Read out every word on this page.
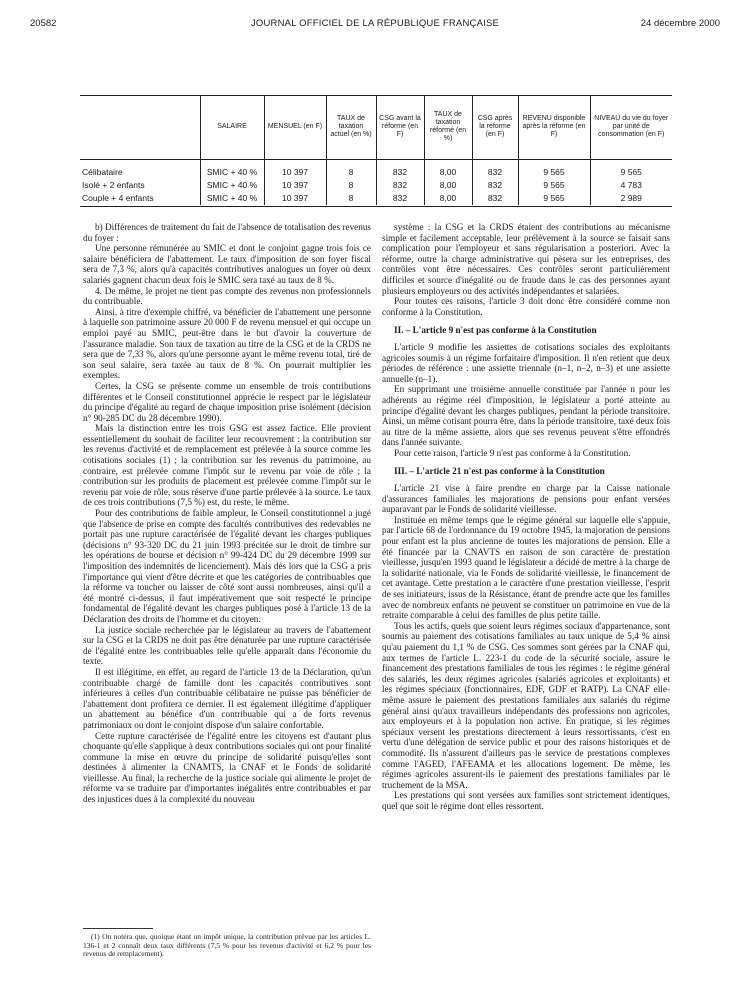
20582	JOURNAL OFFICIEL DE LA RÉPUBLIQUE FRANÇAISE	24 décembre 2000
	SALAIRE	MENSUEL (en F)	TAUX de taxation actuel (en %)	CSG avant la réforme (en F)	TAUX de taxation réformé (en %)	CSG après la réforme (en F)	REVENU disponible après la réforme (en F)	NIVEAU du vie du foyer par unité de consommation (en F)
Célibataire	SMIC + 40 %	10 397	8	832	8,00	832	9 565	9 565
Isolé + 2 enfants	SMIC + 40 %	10 397	8	832	8,00	832	9 565	4 783
Couple + 4 enfants	SMIC + 40 %	10 397	8	832	8,00	832	9 565	2 989

b) Différences de traitement du fait de l'absence de totalisation des revenus du foyer :

Une personne rémunérée au SMIC et dont le conjoint gagne trois fois ce salaire bénéficiera de l'abattement. Le taux d'imposition de son foyer fiscal sera de 7,3 %, alors qu'à capacités contributives analogues un foyer où deux salariés gagnent chacun deux fois le SMIC sera taxé au taux de 8 %.

4. De même, le projet ne tient pas compte des revenus non professionnels du contribuable.

Ainsi, à titre d'exemple chiffré, va bénéficier de l'abattement une personne à laquelle son patrimoine assure 20 000 F de revenu mensuel et qui occupe un emploi payé au SMIC, peut-être dans le but d'avoir la couverture de l'assurance maladie. Son taux de taxation au titre de la CSG et de la CRDS ne sera que de 7,33 %, alors qu'une personne ayant le même revenu total, tiré de son seul salaire, sera taxée au taux de 8 %. On pourrait multiplier les exemples.

Certes, la CSG se présente comme un ensemble de trois contributions différentes et le Conseil constitutionnel apprécie le respect par le législateur du principe d'égalité au regard de chaque imposition prise isolément (décision n° 90-285 DC du 28 décembre 1990).

Mais la distinction entre les trois GSG est assez factice. Elle provient essentiellement du souhait de faciliter leur recouvrement : la contribution sur les revenus d'activité et de remplacement est prélevée à la source comme les cotisations sociales (1) ; la contribution sur les revenus du patrimoine, au contraire, est prélevée comme l'impôt sur le revenu par voie de rôle ; la contribution sur les produits de placement est prélevée comme l'impôt sur le revenu par voie de rôle, sous réserve d'une partie prélevée à la source. Le taux de ces trois contributions (7,5 %) est, du reste, le même.

Pour des contributions de faible ampleur, le Conseil constitutionnel a jugé que l'absence de prise en compte des facultés contributives des redevables ne portait pas une rupture caractérisée de l'égalité devant les charges publiques (décisions n° 93-320 DC du 21 juin 1993 précitée sur le droit de timbre sur les opérations de bourse et décision n° 99-424 DC du 29 décembre 1999 sur l'imposition des indemnités de licenciement). Mais dès lors que la CSG a pris l'importance qui vient d'être décrite et que les catégories de contribuables que la réforme va toucher ou laisser de côté sont aussi nombreuses, ainsi qu'il a été montré ci-dessus, il faut impérativement que soit respecté le principe fondamental de l'égalité devant les charges publiques posé à l'article 13 de la Déclaration des droits de l'homme et du citoyen.

La justice sociale recherchée par le législateur au travers de l'abattement sur la CSG et la CRDS ne doit pas être dénaturée par une rupture caractérisée de l'égalité entre les contribuables telle qu'elle apparaît dans l'économie du texte.

Il est illégitime, en effet, au regard de l'article 13 de la Déclaration, qu'un contribuable chargé de famille dont les capacités contributives sont inférieures à celles d'un contribuable célibataire ne puisse pas bénéficier de l'abattement dont profitera ce dernier. Il est également illégitime d'appliquer un abattement au bénéfice d'un contribuable qui a de forts revenus patrimoniaux ou dont le conjoint dispose d'un salaire confortable.

Cette rupture caractérisée de l'égalité entre les citoyens est d'autant plus choquante qu'elle s'applique à deux contributions sociales qui ont pour finalité commune la mise en œuvre du principe de solidarité puisqu'elles sont destinées à alimenter la CNAMTS, la CNAF et le Fonds de solidarité vieillesse. Au final, la recherche de la justice sociale qui alimente le projet de réforme va se traduire par d'importantes inégalités entre contribuables et par des injustices dues à la complexité du nouveau

(1) On notera que, quoique étant un impôt unique, la contribution prévue par les articles L. 136-1 et 2 connaît deux taux différents (7,5 % pour les revenus d'activité et 6,2 % pour les revenus de remplacement).

système : la CSG et la CRDS étaient des contributions au mécanisme simple et facilement acceptable, leur prélèvement à la source se faisait sans complication pour l'employeur et sans régularisation a posteriori. Avec la réforme, outre la charge administrative qui pèsera sur les entreprises, des contrôles vont être nécessaires. Ces contrôles seront particulièrement difficiles et source d'inégalité ou de fraude dans le cas des personnes ayant plusieurs employeurs ou des activités indépendantes et salariées.

Pour toutes ces raisons, l'article 3 doit donc être considéré comme non conforme à la Constitution.

II. – L'article 9 n'est pas conforme à la Constitution

L'article 9 modifie les assiettes de cotisations sociales des exploitants agricoles soumis à un régime forfaitaire d'imposition. Il n'en retient que deux périodes de référence : une assiette triennale (n–1, n–2, n–3) et une assiette annuelle (n–1).

En supprimant une troisième annuelle constituée par l'année n pour les adhérents au régime réel d'imposition, le législateur a porté atteinte au principe d'égalité devant les charges publiques, pendant la période transitoire. Ainsi, un même cotisant pourra être, dans la période transitoire, taxé deux fois au titre de la même assiette, alors que ses revenus peuvent s'être effondrés dans l'année suivante.

Pour cette raison, l'article 9 n'est pas conforme à la Constitution.

III. – L'article 21 n'est pas conforme à la Constitution

L'article 21 vise à faire prendre en charge par la Caisse nationale d'assurances familiales les majorations de pensions pour enfant versées auparavant par le Fonds de solidarité vieillesse.

Instituée en même temps que le régime général sur laquelle elle s'appuie, par l'article 68 de l'ordonnance du 19 octobre 1945, la majoration de pensions pour enfant est la plus ancienne de toutes les majorations de pension. Elle a été financée par la CNAVTS en raison de son caractère de prestation vieillesse, jusqu'en 1993 quand le législateur a décidé de mettre à la charge de la solidarité nationale, via le Fonds de solidarité vieillesse, le financement de cet avantage. Cette prestation a le caractère d'une prestation vieillesse, l'esprit de ses initiateurs, issus de la Résistance, étant de prendre acte que les familles avec de nombreux enfants ne peuvent se constituer un patrimoine en vue de la retraite comparable à celui des familles de plus petite taille.

Tous les actifs, quels que soient leurs régimes sociaux d'appartenance, sont soumis au paiement des cotisations familiales au taux unique de 5,4 % ainsi qu'au paiement du 1,1 % de CSG. Ces sommes sont gérées par la CNAF qui, aux termes de l'article L. 223-1 du code de la sécurité sociale, assure le financement des prestations familiales de tous les régimes : le régime général des salariés, les deux régimes agricoles (salariés agricoles et exploitants) et les régimes spéciaux (fonctionnaires, EDF, GDF et RATP). La CNAF elle-même assure le paiement des prestations familiales aux salariés du régime général ainsi qu'aux travailleurs indépendants des professions non agricoles, aux employeurs et à la population non active. En pratique, si les régimes spéciaux versent les prestations directement à leurs ressortissants, c'est en vertu d'une délégation de service public et pour des raisons historiques et de commodité. Ils n'assurent d'ailleurs pas le service de prestations complexes comme l'AGED, l'AFEAMA et les allocations logement. De même, les régimes agricoles assurent-ils le paiement des prestations familiales par le truchement de la MSA.

Les prestations qui sont versées aux familles sont strictement identiques, quel que soit le régime dont elles ressortent.
